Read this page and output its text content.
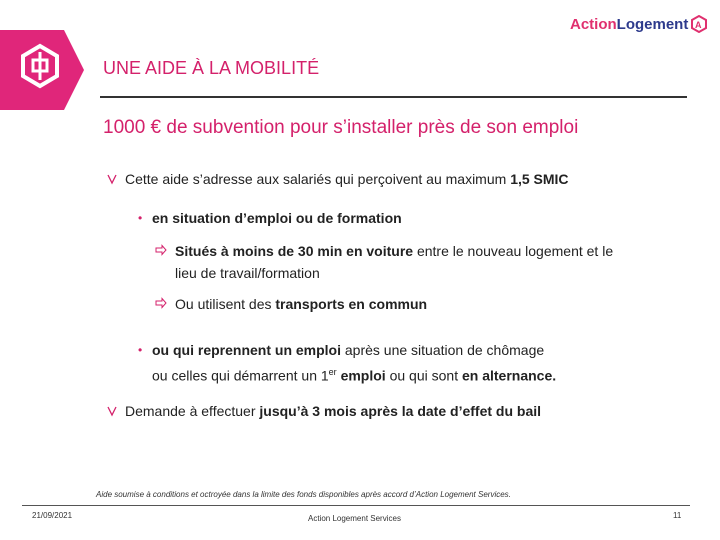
Action Logement A
UNE AIDE À LA MOBILITÉ
1000 € de subvention pour s’installer près de son emploi
Cette aide s’adresse aux salariés qui perçoivent au maximum 1,5 SMIC
• en situation d’emploi ou de formation
Situés à moins de 30 min en voiture entre le nouveau logement et le
lieu de travail/formation
Ou utilisent des transports en commun
• ou qui reprennent un emploi après une situation de chômage
ou celles qui démarrent un 1er emploi ou qui sont en alternance.
Demande à effectuer jusqu’à 3 mois après la date d’effet du bail
Aide soumise à conditions et octroyée dans la limite des fonds disponibles après accord d’Action Logement Services.
21/09/2021	Action Logement Services	11
